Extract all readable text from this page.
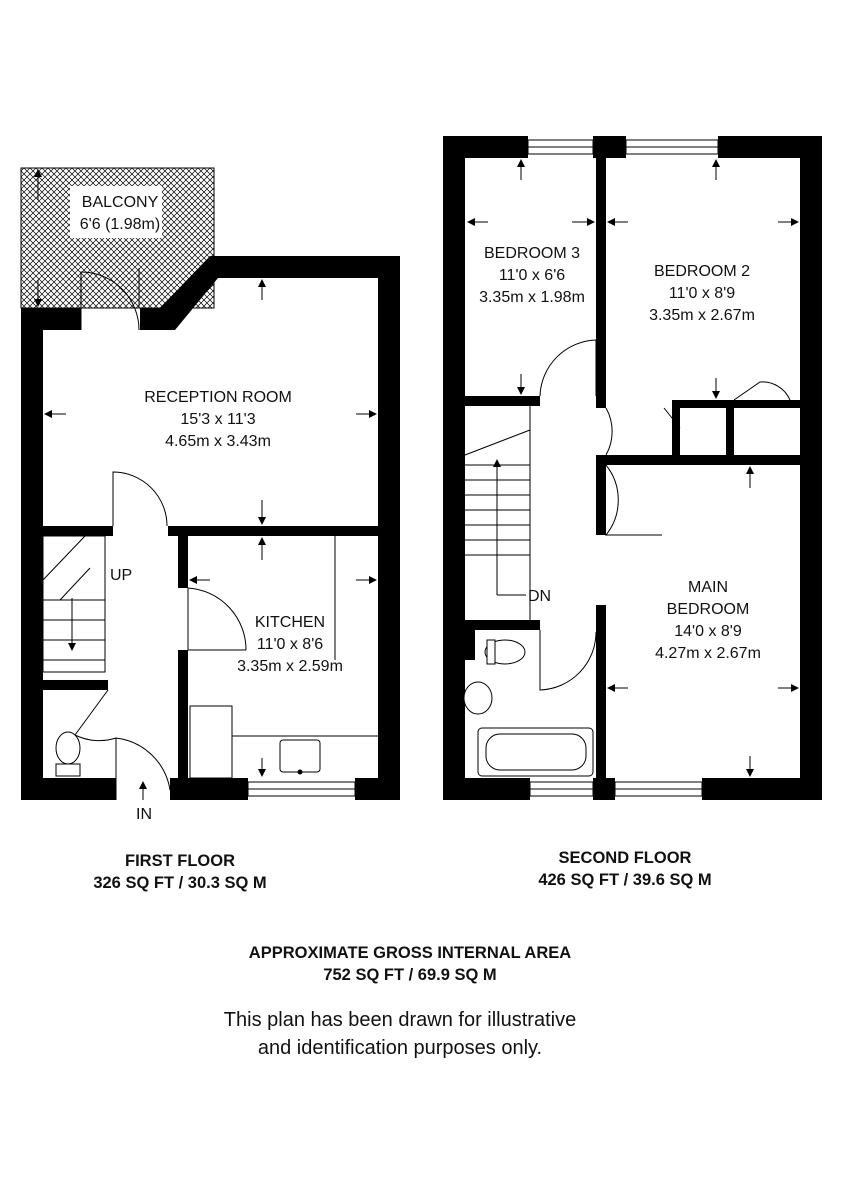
BALCONY
6'6 (1.98m)
RECEPTION ROOM
15'3 x 11'3
4.65m x 3.43m
KITCHEN
11'0 x 8'6
3.35m x 2.59m
UP
IN
BEDROOM 3
11'0 x 6'6
3.35m x 1.98m
BEDROOM 2
11'0 x 8'9
3.35m x 2.67m
MAIN
BEDROOM
14'0 x 8'9
4.27m x 2.67m
DN
FIRST FLOOR
326 SQ FT / 30.3 SQ M
SECOND FLOOR
426 SQ FT / 39.6 SQ M
APPROXIMATE GROSS INTERNAL AREA
752 SQ FT / 69.9 SQ M
This plan has been drawn for illustrative
and identification purposes only.
